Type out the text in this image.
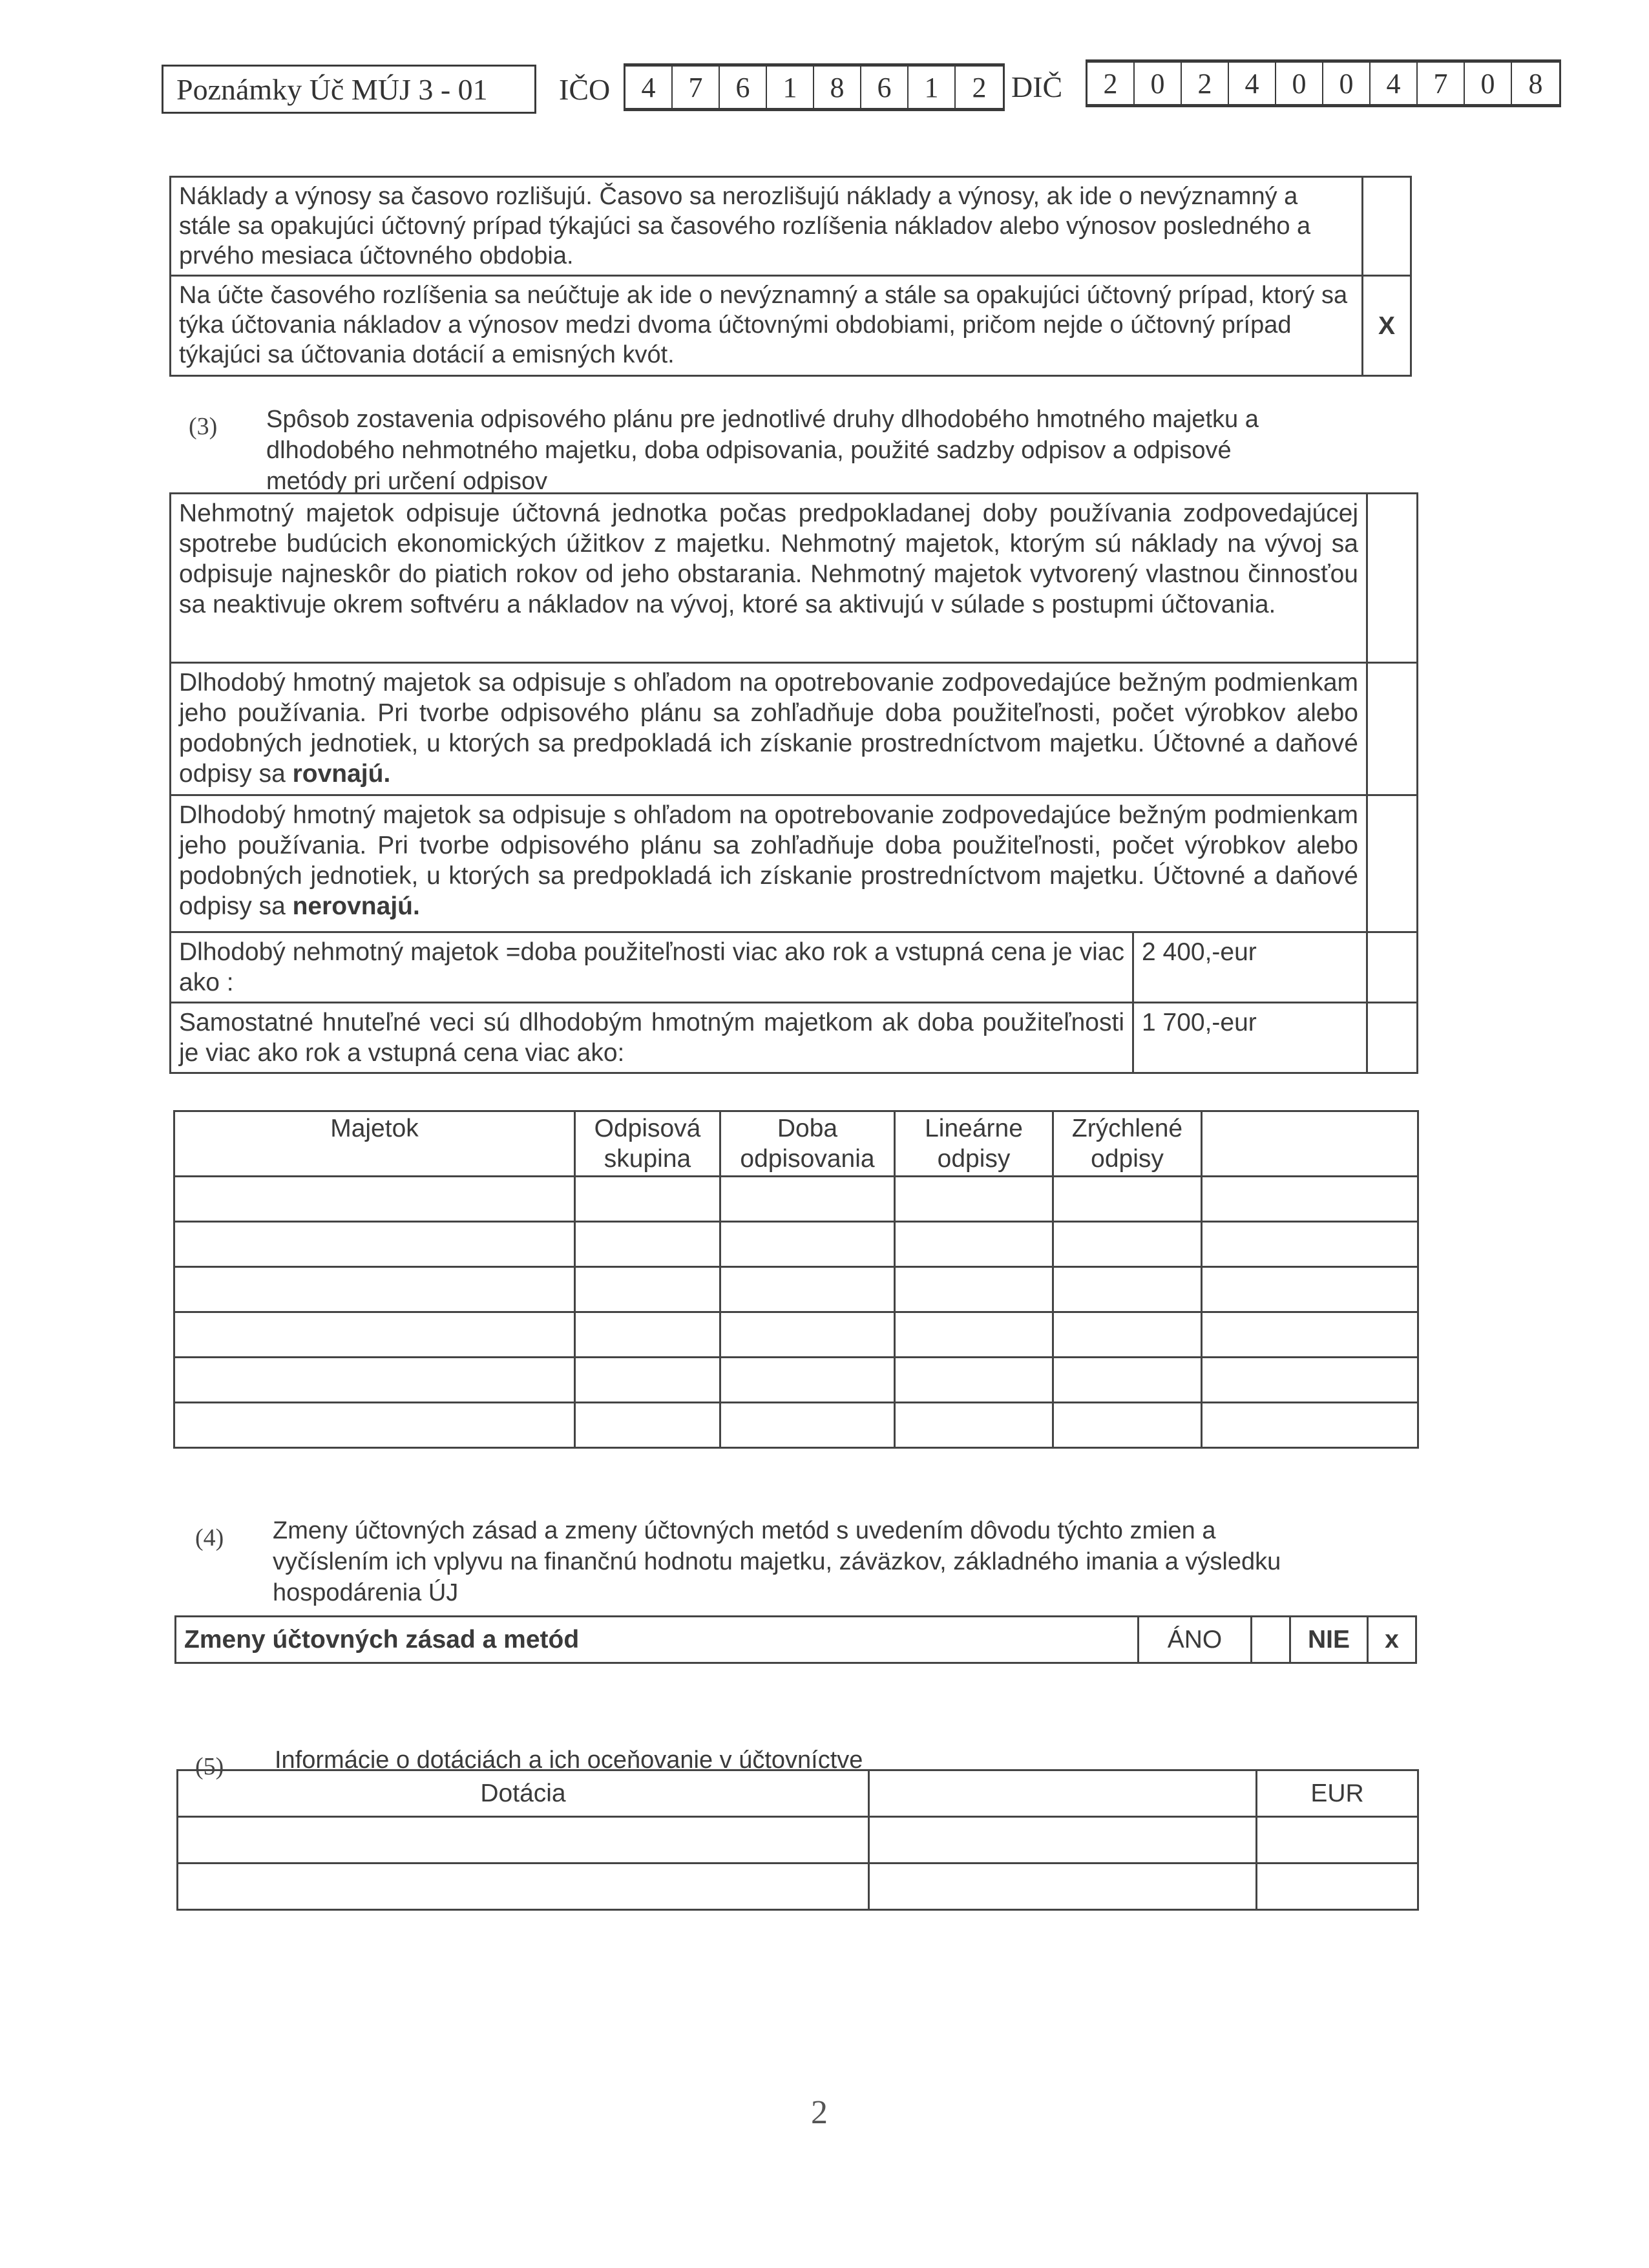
Poznámky Úč MÚJ 3 - 01 IČO	4	7	6	1	8	6	1	2 DIČ	2	0	2	4	0	0	4	7	0	8
Náklady a výnosy sa časovo rozlišujú. Časovo sa nerozlišujú náklady a výnosy, ak ide o nevýznamný a stále sa opakujúci účtovný prípad týkajúci sa časového rozlíšenia nákladov alebo výnosov posledného a prvého mesiaca účtovného obdobia.	
Na účte časového rozlíšenia sa neúčtuje ak ide o nevýznamný a stále sa opakujúci účtovný prípad, ktorý sa týka účtovania nákladov a výnosov medzi dvoma účtovnými obdobiami, pričom nejde o účtovný prípad týkajúci sa účtovania dotácií a emisných kvót.	X
(3) Spôsob zostavenia odpisového plánu pre jednotlivé druhy dlhodobého hmotného majetku a dlhodobého nehmotného majetku, doba odpisovania, použité sadzby odpisov a odpisové metódy pri určení odpisov
Nehmotný majetok odpisuje účtovná jednotka počas predpokladanej doby používania zodpovedajúcej spotrebe budúcich ekonomických úžitkov z majetku. Nehmotný majetok, ktorým sú náklady na vývoj sa odpisuje najneskôr do piatich rokov od jeho obstarania. Nehmotný majetok vytvorený vlastnou činnosťou sa neaktivuje okrem softvéru a nákladov na vývoj, ktoré sa aktivujú v súlade s postupmi účtovania.		
Dlhodobý hmotný majetok sa odpisuje s ohľadom na opotrebovanie zodpovedajúce bežným podmienkam jeho používania. Pri tvorbe odpisového plánu sa zohľadňuje doba použiteľnosti, počet výrobkov alebo podobných jednotiek, u ktorých sa predpokladá ich získanie prostredníctvom majetku. Účtovné a daňové odpisy sa rovnajú.		
Dlhodobý hmotný majetok sa odpisuje s ohľadom na opotrebovanie zodpovedajúce bežným podmienkam jeho používania. Pri tvorbe odpisového plánu sa zohľadňuje doba použiteľnosti, počet výrobkov alebo podobných jednotiek, u ktorých sa predpokladá ich získanie prostredníctvom majetku. Účtovné a daňové odpisy sa nerovnajú.		
Dlhodobý nehmotný majetok =doba použiteľnosti viac ako rok a vstupná cena je viac ako :	2 400,-eur	
Samostatné hnuteľné veci sú dlhodobým hmotným majetkom ak doba použiteľnosti je viac ako rok a vstupná cena viac ako:	1 700,-eur	
Majetok	Odpisová skupina	Doba odpisovania	Lineárne odpisy	Zrýchlené odpisy	

(4) Zmeny účtovných zásad a zmeny účtovných metód s uvedením dôvodu týchto zmien a vyčíslením ich vplyvu na finančnú hodnotu majetku, záväzkov, základného imania a výsledku hospodárenia ÚJ
Zmeny účtovných zásad a metód	ÁNO		NIE	x
(5) Informácie o dotáciách a ich oceňovanie v účtovníctve
Dotácia		EUR

2
